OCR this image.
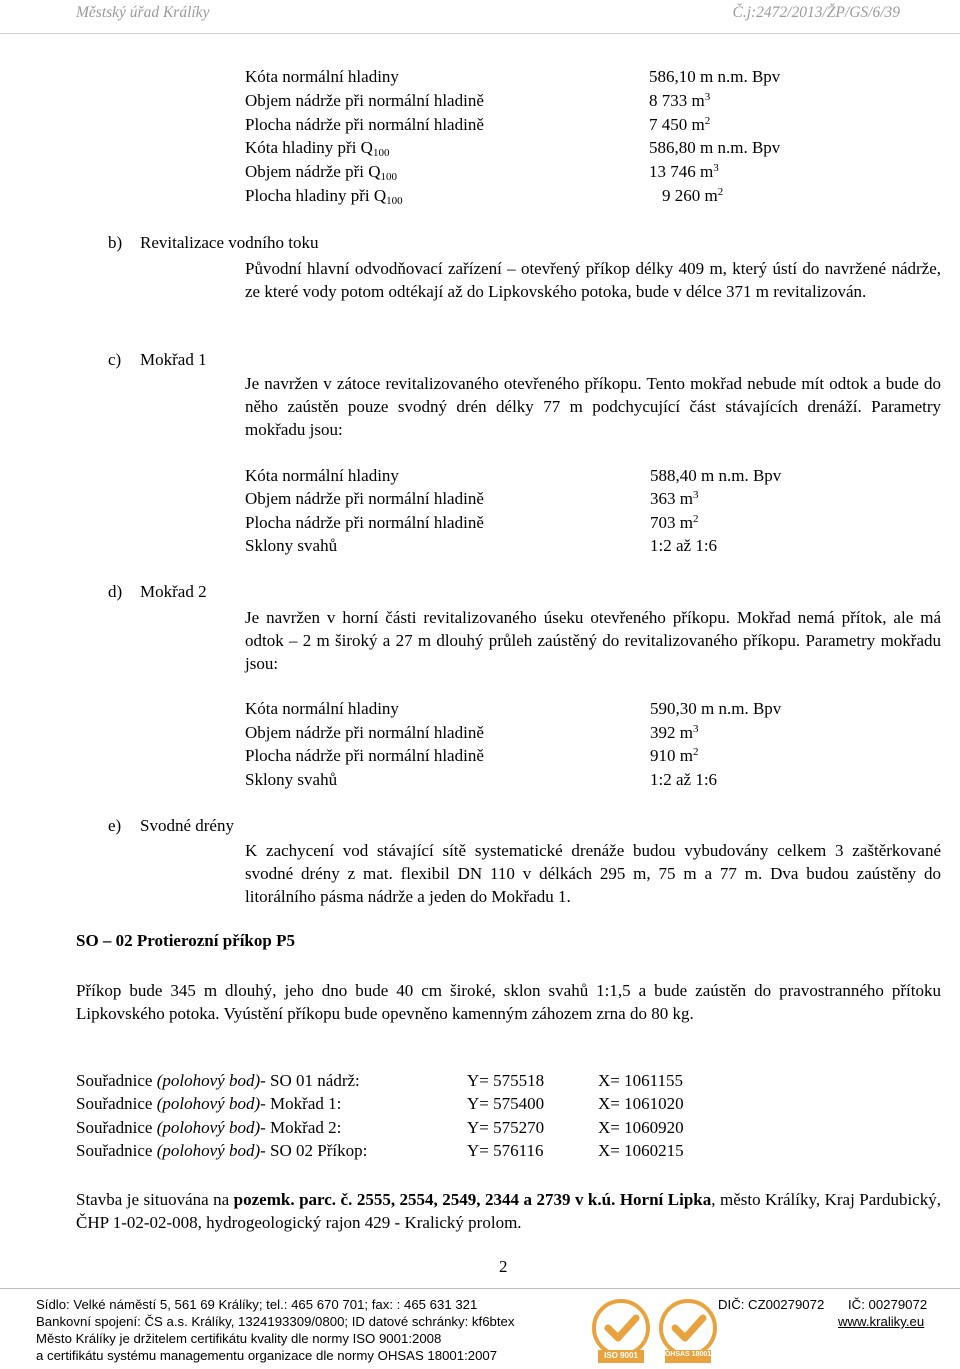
Městský úřad Králíky	Č.j:2472/2013/ŽP/GS/6/39
Kóta normální hladiny	586,10 m n.m. Bpv
Objem nádrže při normální hladině	8 733 $m^3$
Plocha nádrže při normální hladině	7 450 $m^2$
Kóta hladiny při $Q_{100}$	586,80 m n.m. Bpv
Objem nádrže při $Q_{100}$	13 746 $m^3$
Plocha hladiny při $Q_{100}$	9 260 $m^2$
b) Revitalizace vodního toku
Původní hlavní odvodňovací zařízení – otevřený příkop délky 409 m, který ústí do navržené nádrže, ze které vody potom odtékají až do Lipkovského potoka, bude v délce 371 m revitalizován.
c) Mokřad 1
Je navržen v zátoce revitalizovaného otevřeného příkopu. Tento mokřad nebude mít odtok a bude do něho zaústěn pouze svodný drén délky 77 m podchycující část stávajících drenáží. Parametry mokřadu jsou:
Kóta normální hladiny	588,40 m n.m. Bpv
Objem nádrže při normální hladině	363 $m^3$
Plocha nádrže při normální hladině	703 $m^2$
Sklony svahů	1:2 až 1:6
d) Mokřad 2
Je navržen v horní části revitalizovaného úseku otevřeného příkopu. Mokřad nemá přítok, ale má odtok – 2 m široký a 27 m dlouhý průleh zaústěný do revitalizovaného příkopu. Parametry mokřadu jsou:
Kóta normální hladiny	590,30 m n.m. Bpv
Objem nádrže při normální hladině	392 $m^3$
Plocha nádrže při normální hladině	910 $m^2$
Sklony svahů	1:2 až 1:6
e) Svodné drény
K zachycení vod stávající sítě systematické drenáže budou vybudovány celkem 3 zaštěrkované svodné drény z mat. flexibil DN 110 v délkách 295 m, 75 m a 77 m. Dva budou zaústěny do litorálního pásma nádrže a jeden do Mokřadu 1.
SO – 02 Protierozní příkop P5
Příkop bude 345 m dlouhý, jeho dno bude 40 cm široké, sklon svahů 1:1,5 a bude zaústěn do pravostranného přítoku Lipkovského potoka. Vyústění příkopu bude opevněno kamenným záhozem zrna do 80 kg.
Souřadnice (polohový bod)- SO 01 nádrž:	Y= 575518	X= 1061155
Souřadnice (polohový bod)- Mokřad 1:	Y= 575400	X= 1061020
Souřadnice (polohový bod)- Mokřad 2:	Y= 575270	X= 1060920
Souřadnice (polohový bod)- SO 02 Příkop:	Y= 576116	X= 1060215
Stavba je situována na pozemk. parc. č. 2555, 2554, 2549, 2344 a 2739 v k.ú. Horní Lipka, město Králíky, Kraj Pardubický, ČHP 1-02-02-008, hydrogeologický rajon 429 - Kralický prolom.
2
Sídlo: Velké náměstí 5, 561 69 Králíky; tel.: 465 670 701; fax: : 465 631 321
Bankovní spojení: ČS a.s. Králíky, 1324193309/0800; ID datové schránky: kf6btex
Město Králíky je držitelem certifikátu kvality dle normy ISO 9001:2008
a certifikátu systému managementu organizace dle normy OHSAS 18001:2007
DIČ: CZ00279072 IČ: 00279072
www.kraliky.eu
ISO 9001	OHSAS 18001
